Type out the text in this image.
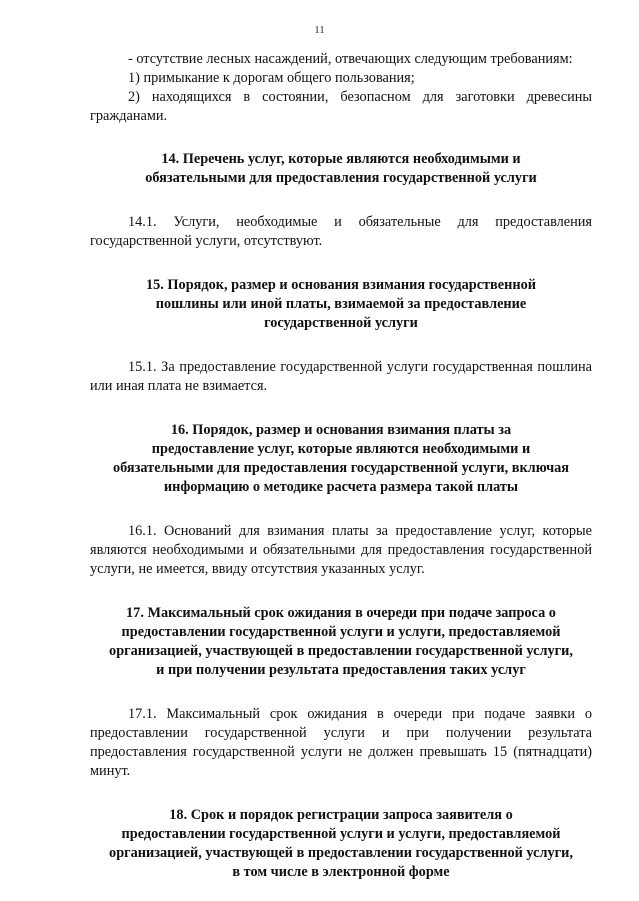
11

- отсутствие лесных насаждений, отвечающих следующим требованиям:

1) примыкание к дорогам общего пользования;

2) находящихся в состоянии, безопасном для заготовки древесины гражданами.

14. Перечень услуг, которые являются необходимыми и
обязательными для предоставления государственной услуги

14.1. Услуги, необходимые и обязательные для предоставления государственной услуги, отсутствуют.

15. Порядок, размер и основания взимания государственной
пошлины или иной платы, взимаемой за предоставление
государственной услуги

15.1. За предоставление государственной услуги государственная пошлина или иная плата не взимается.

16. Порядок, размер и основания взимания платы за
предоставление услуг, которые являются необходимыми и
обязательными для предоставления государственной услуги, включая
информацию о методике расчета размера такой платы

16.1. Оснований для взимания платы за предоставление услуг, которые являются необходимыми и обязательными для предоставления государственной услуги, не имеется, ввиду отсутствия указанных услуг.

17. Максимальный срок ожидания в очереди при подаче запроса о
предоставлении государственной услуги и услуги, предоставляемой
организацией, участвующей в предоставлении государственной услуги,
и при получении результата предоставления таких услуг

17.1. Максимальный срок ожидания в очереди при подаче заявки о предоставлении государственной услуги и при получении результата предоставления государственной услуги не должен превышать 15 (пятнадцати) минут.

18. Срок и порядок регистрации запроса заявителя о
предоставлении государственной услуги и услуги, предоставляемой
организацией, участвующей в предоставлении государственной услуги,
в том числе в электронной форме
